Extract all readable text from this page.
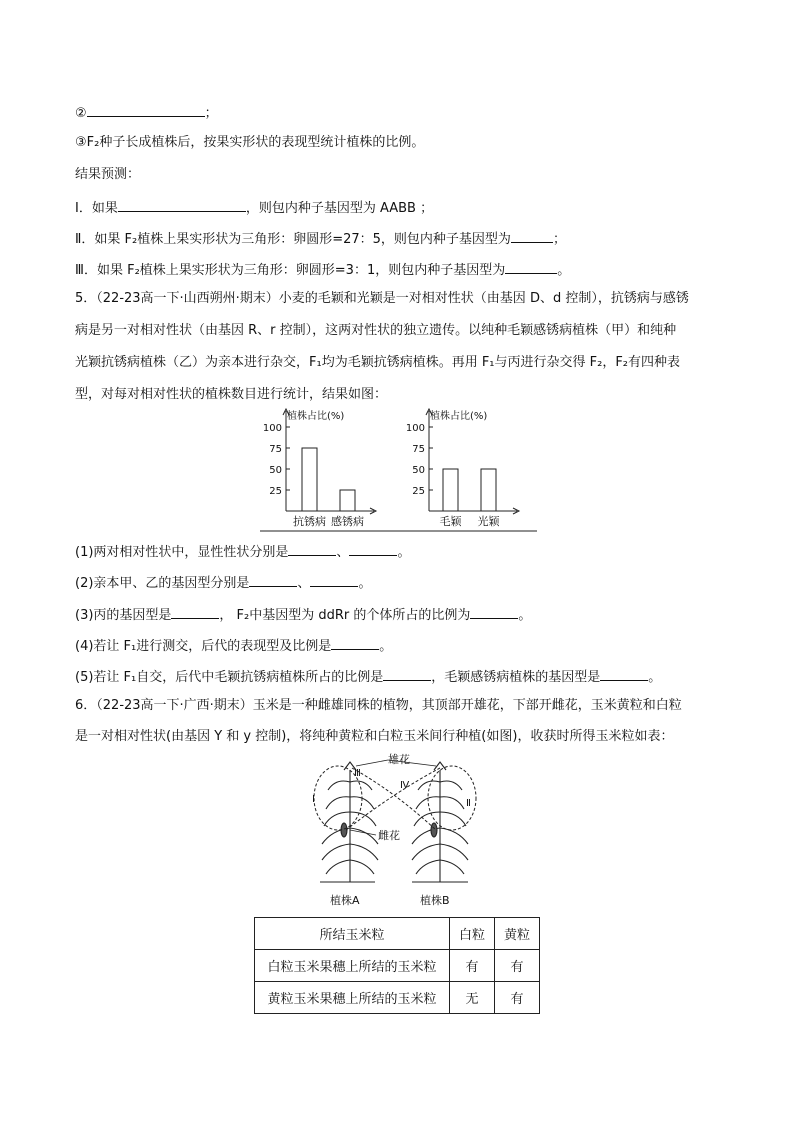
②	；
③F₂种子长成植株后，按果实形状的表现型统计植株的比例。
结果预测：
Ⅰ．如果	，则包内种子基因型为 AABB ；
Ⅱ．如果 F₂植株上果实形状为三角形：卵圆形=27：5，则包内种子基因型为	；
Ⅲ．如果 F₂植株上果实形状为三角形：卵圆形=3：1，则包内种子基因型为	。
5．（22-23高一下·山西朔州·期末）小麦的毛颖和光颖是一对相对性状（由基因 D、d 控制），抗锈病与感锈
病是另一对相对性状（由基因 R、r 控制），这两对性状的独立遗传。以纯种毛颖感锈病植株（甲）和纯种
光颖抗锈病植株（乙）为亲本进行杂交，F₁均为毛颖抗锈病植株。再用 F₁与丙进行杂交得 F₂，F₂有四种表
型，对每对相对性状的植株数目进行统计，结果如图：
植株占比(%)
25
50
75
100
抗锈病 感锈病
植株占比(%)
25
50
75
100
毛颖 光颖
(1)两对相对性状中，显性性状分别是	、	。
(2)亲本甲、乙的基因型分别是	、	。
(3)丙的基因型是	， F₂中基因型为 ddRr 的个体所占的比例为	。
(4)若让 F₁进行测交，后代的表现型及比例是	。
(5)若让 F₁自交，后代中毛颖抗锈病植株所占的比例是	，毛颖感锈病植株的基因型是	。
6．（22-23高一下·广西·期末）玉米是一种雌雄同株的植物，其顶部开雄花，下部开雌花，玉米黄粒和白粒
是一对相对性状(由基因 Y 和 y 控制)，将纯种黄粒和白粒玉米间行种植(如图)，收获时所得玉米粒如表：
雄花
雌花
Ⅲ
Ⅰ
Ⅳ
Ⅱ
植株A	植株B
所结玉米粒	白粒	黄粒
白粒玉米果穗上所结的玉米粒	有	有
黄粒玉米果穗上所结的玉米粒	无	有
